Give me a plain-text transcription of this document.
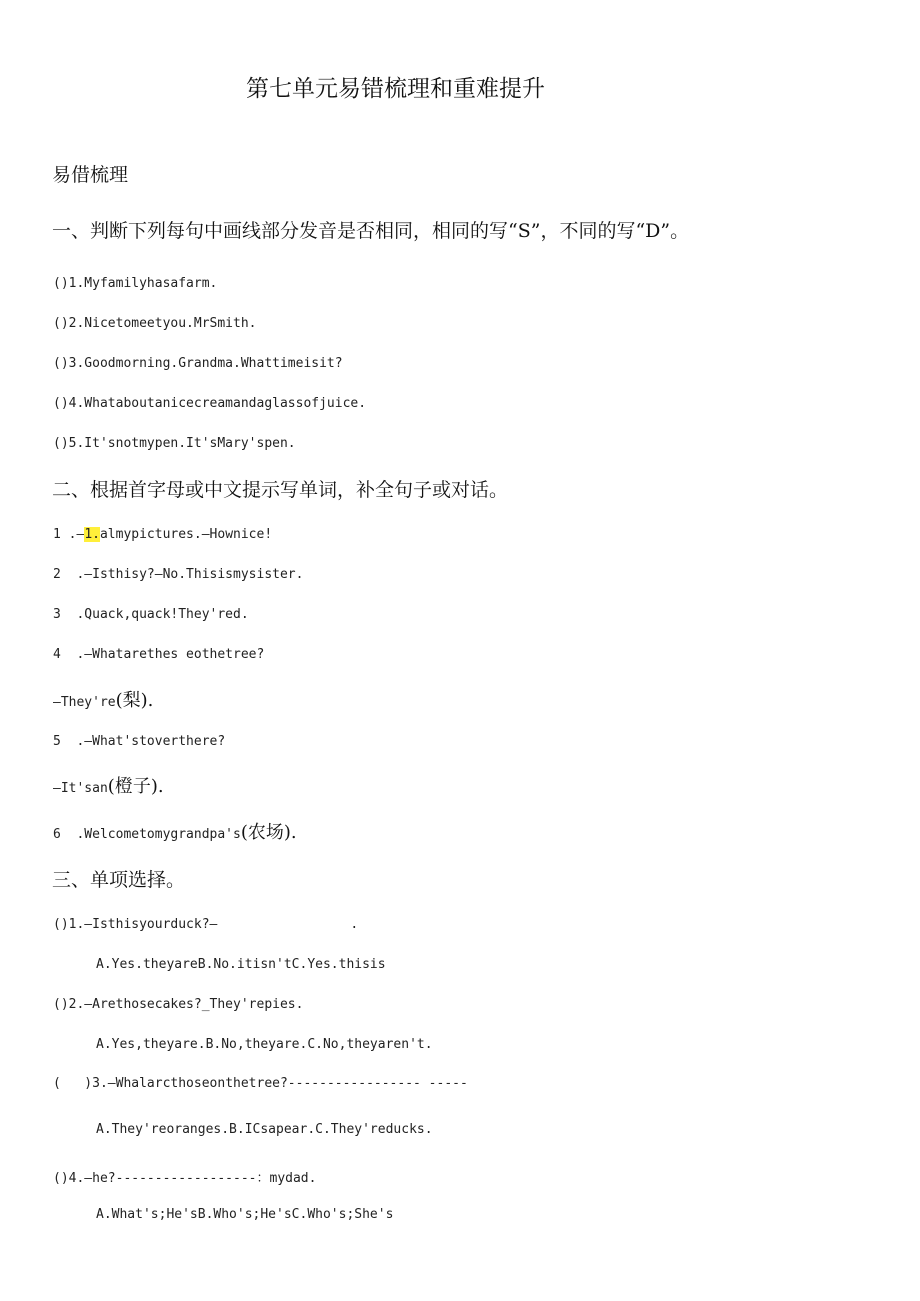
第七单元易错梳理和重难提升
易借梳理
一、判断下列每句中画线部分发音是否相同，相同的写“S”，不同的写“D”。
()1.Myfamilyhasafarm.
()2.Nicetomeetyou.MrSmith.
()3.Goodmorning.Grandma.Whattimeisit?
()4.Whataboutanicecreamandaglassofjuice.
()5.It'snotmypen.It'sMary'spen.
二、根据首字母或中文提示写单词，补全句子或对话。
1 .—1.almypictures.—Hownice!
2  .—Isthisy?—No.Thisismysister.
3  .Quack,quack!They'red.
4  .—Whatarethes eothetree?
—They're(梨).
5  .—What'stoverthere?
—It'san(橙子).
6  .Welcometomygrandpa's(农场).
三、单项选择。
()1.—Isthisyourduck?—                 .
A.Yes.theyareB.No.itisn'tC.Yes.thisis
()2.—Arethosecakes?_They'repies.
A.Yes,theyare.B.No,theyare.C.No,theyaren't.
(   )3.—Whalarcthoseonthetree?----------------- -----
A.They'reoranges.B.ICsapear.C.They'reducks.
()4.—he?------------------：mydad.
A.What's;He'sB.Who's;He'sC.Who's;She's
